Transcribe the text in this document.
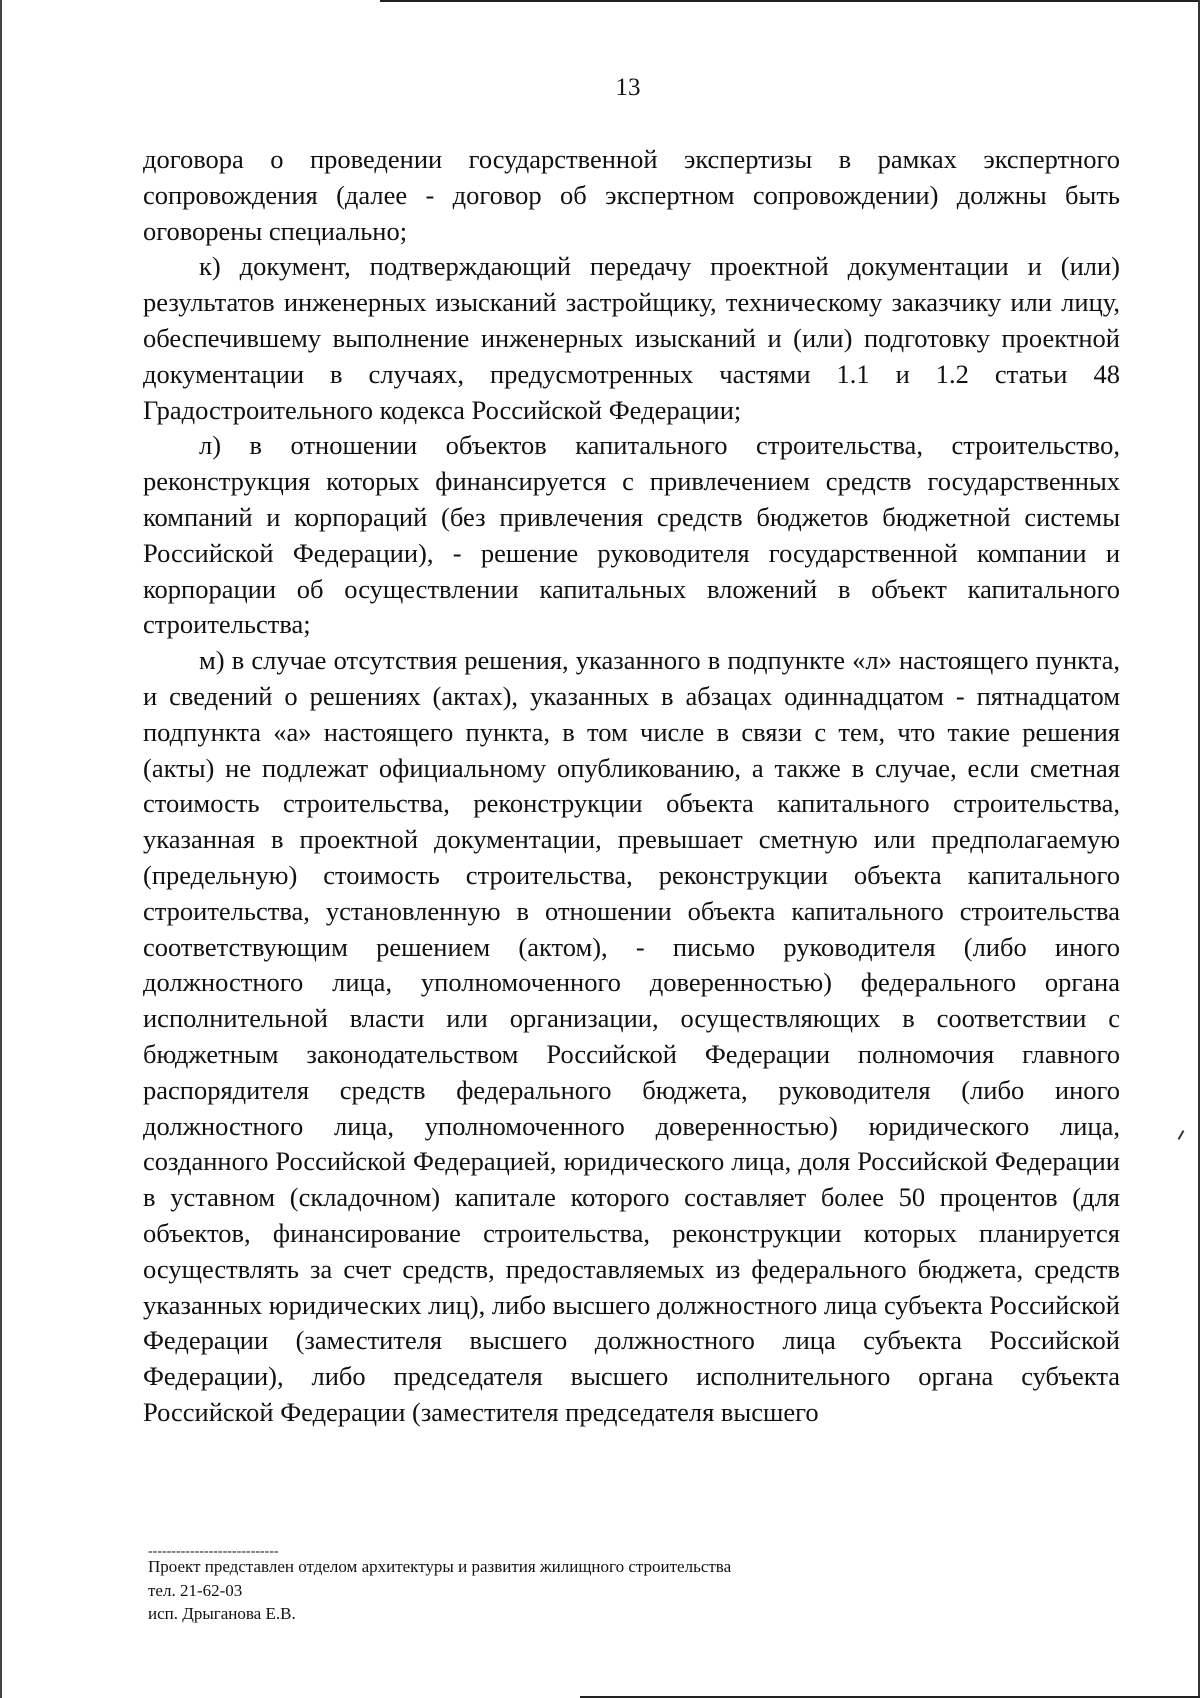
13

договора о проведении государственной экспертизы в рамках экспертного сопровождения (далее - договор об экспертном сопровождении) должны быть оговорены специально;

к) документ, подтверждающий передачу проектной документации и (или) результатов инженерных изысканий застройщику, техническому заказчику или лицу, обеспечившему выполнение инженерных изысканий и (или) подготовку проектной документации в случаях, предусмотренных частями 1.1 и 1.2 статьи 48 Градостроительного кодекса Российской Федерации;

л) в отношении объектов капитального строительства, строительство, реконструкция которых финансируется с привлечением средств государственных компаний и корпораций (без привлечения средств бюджетов бюджетной системы Российской Федерации), - решение руководителя государственной компании и корпорации об осуществлении капитальных вложений в объект капитального строительства;

м) в случае отсутствия решения, указанного в подпункте «л» настоящего пункта, и сведений о решениях (актах), указанных в абзацах одиннадцатом - пятнадцатом подпункта «а» настоящего пункта, в том числе в связи с тем, что такие решения (акты) не подлежат официальному опубликованию, а также в случае, если сметная стоимость строительства, реконструкции объекта капитального строительства, указанная в проектной документации, превышает сметную или предполагаемую (предельную) стоимость строительства, реконструкции объекта капитального строительства, установленную в отношении объекта капитального строительства соответствующим решением (актом), - письмо руководителя (либо иного должностного лица, уполномоченного доверенностью) федерального органа исполнительной власти или организации, осуществляющих в соответствии с бюджетным законодательством Российской Федерации полномочия главного распорядителя средств федерального бюджета, руководителя (либо иного должностного лица, уполномоченного доверенностью) юридического лица, созданного Российской Федерацией, юридического лица, доля Российской Федерации в уставном (складочном) капитале которого составляет более 50 процентов (для объектов, финансирование строительства, реконструкции которых планируется осуществлять за счет средств, предоставляемых из федерального бюджета, средств указанных юридических лиц), либо высшего должностного лица субъекта Российской Федерации (заместителя высшего должностного лица субъекта Российской Федерации), либо председателя высшего исполнительного органа субъекта Российской Федерации (заместителя председателя высшего

----------------------------
Проект представлен отделом архитектуры и развития жилищного строительства
тел. 21-62-03
исп. Дрыганова Е.В.
